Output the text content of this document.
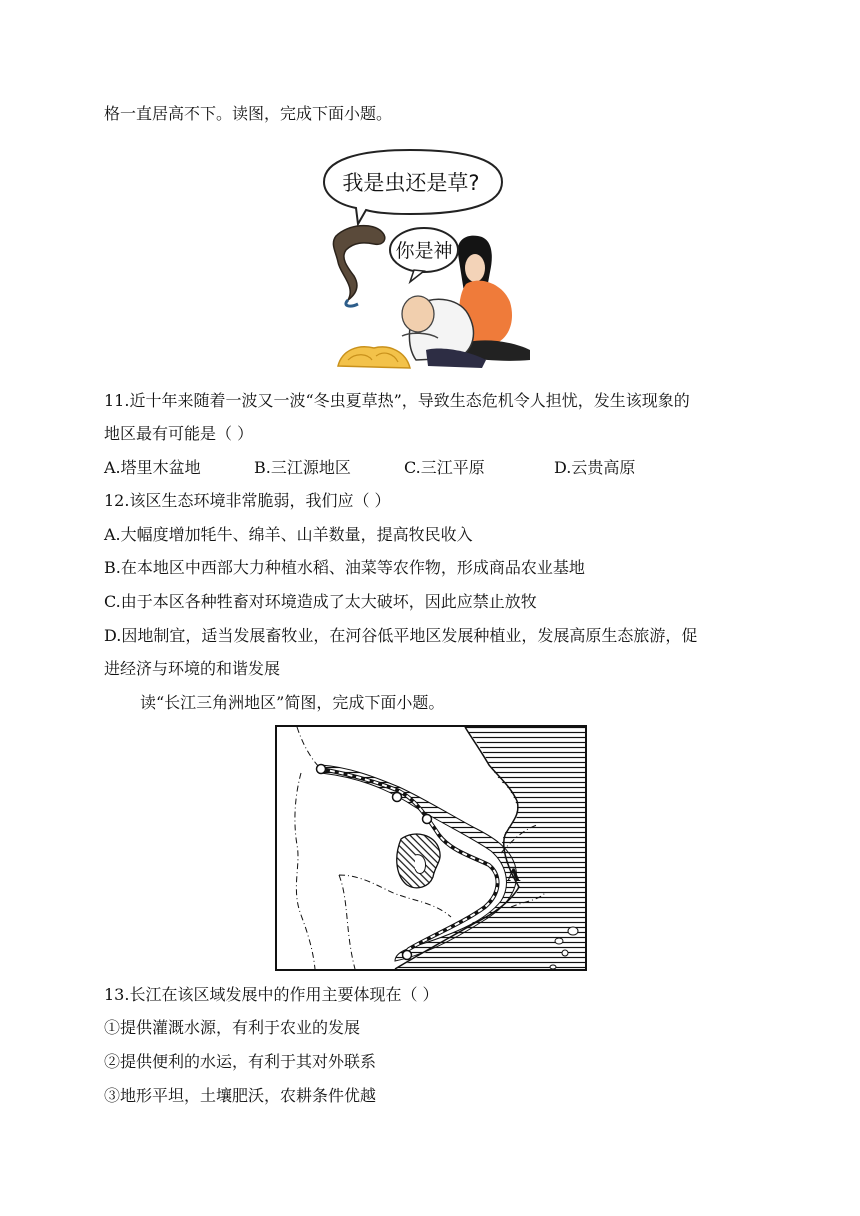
格一直居高不下。读图，完成下面小题。
我是虫还是草?
你是神
11.近十年来随着一波又一波“冬虫夏草热”，导致生态危机令人担忧，发生该现象的
地区最有可能是（ ）
A.塔里木盆地	B.三江源地区	C.三江平原	D.云贵高原
12.该区生态环境非常脆弱，我们应（ ）
A.大幅度增加牦牛、绵羊、山羊数量，提高牧民收入
B.在本地区中西部大力种植水稻、油菜等农作物，形成商品农业基地
C.由于本区各种牲畜对环境造成了太大破坏，因此应禁止放牧
D.因地制宜，适当发展畜牧业，在河谷低平地区发展种植业，发展高原生态旅游，促
进经济与环境的和谐发展
读“长江三角洲地区”简图，完成下面小题。
A
13.长江在该区域发展中的作用主要体现在（ ）
①提供灌溉水源，有利于农业的发展
②提供便利的水运，有利于其对外联系
③地形平坦，土壤肥沃，农耕条件优越
